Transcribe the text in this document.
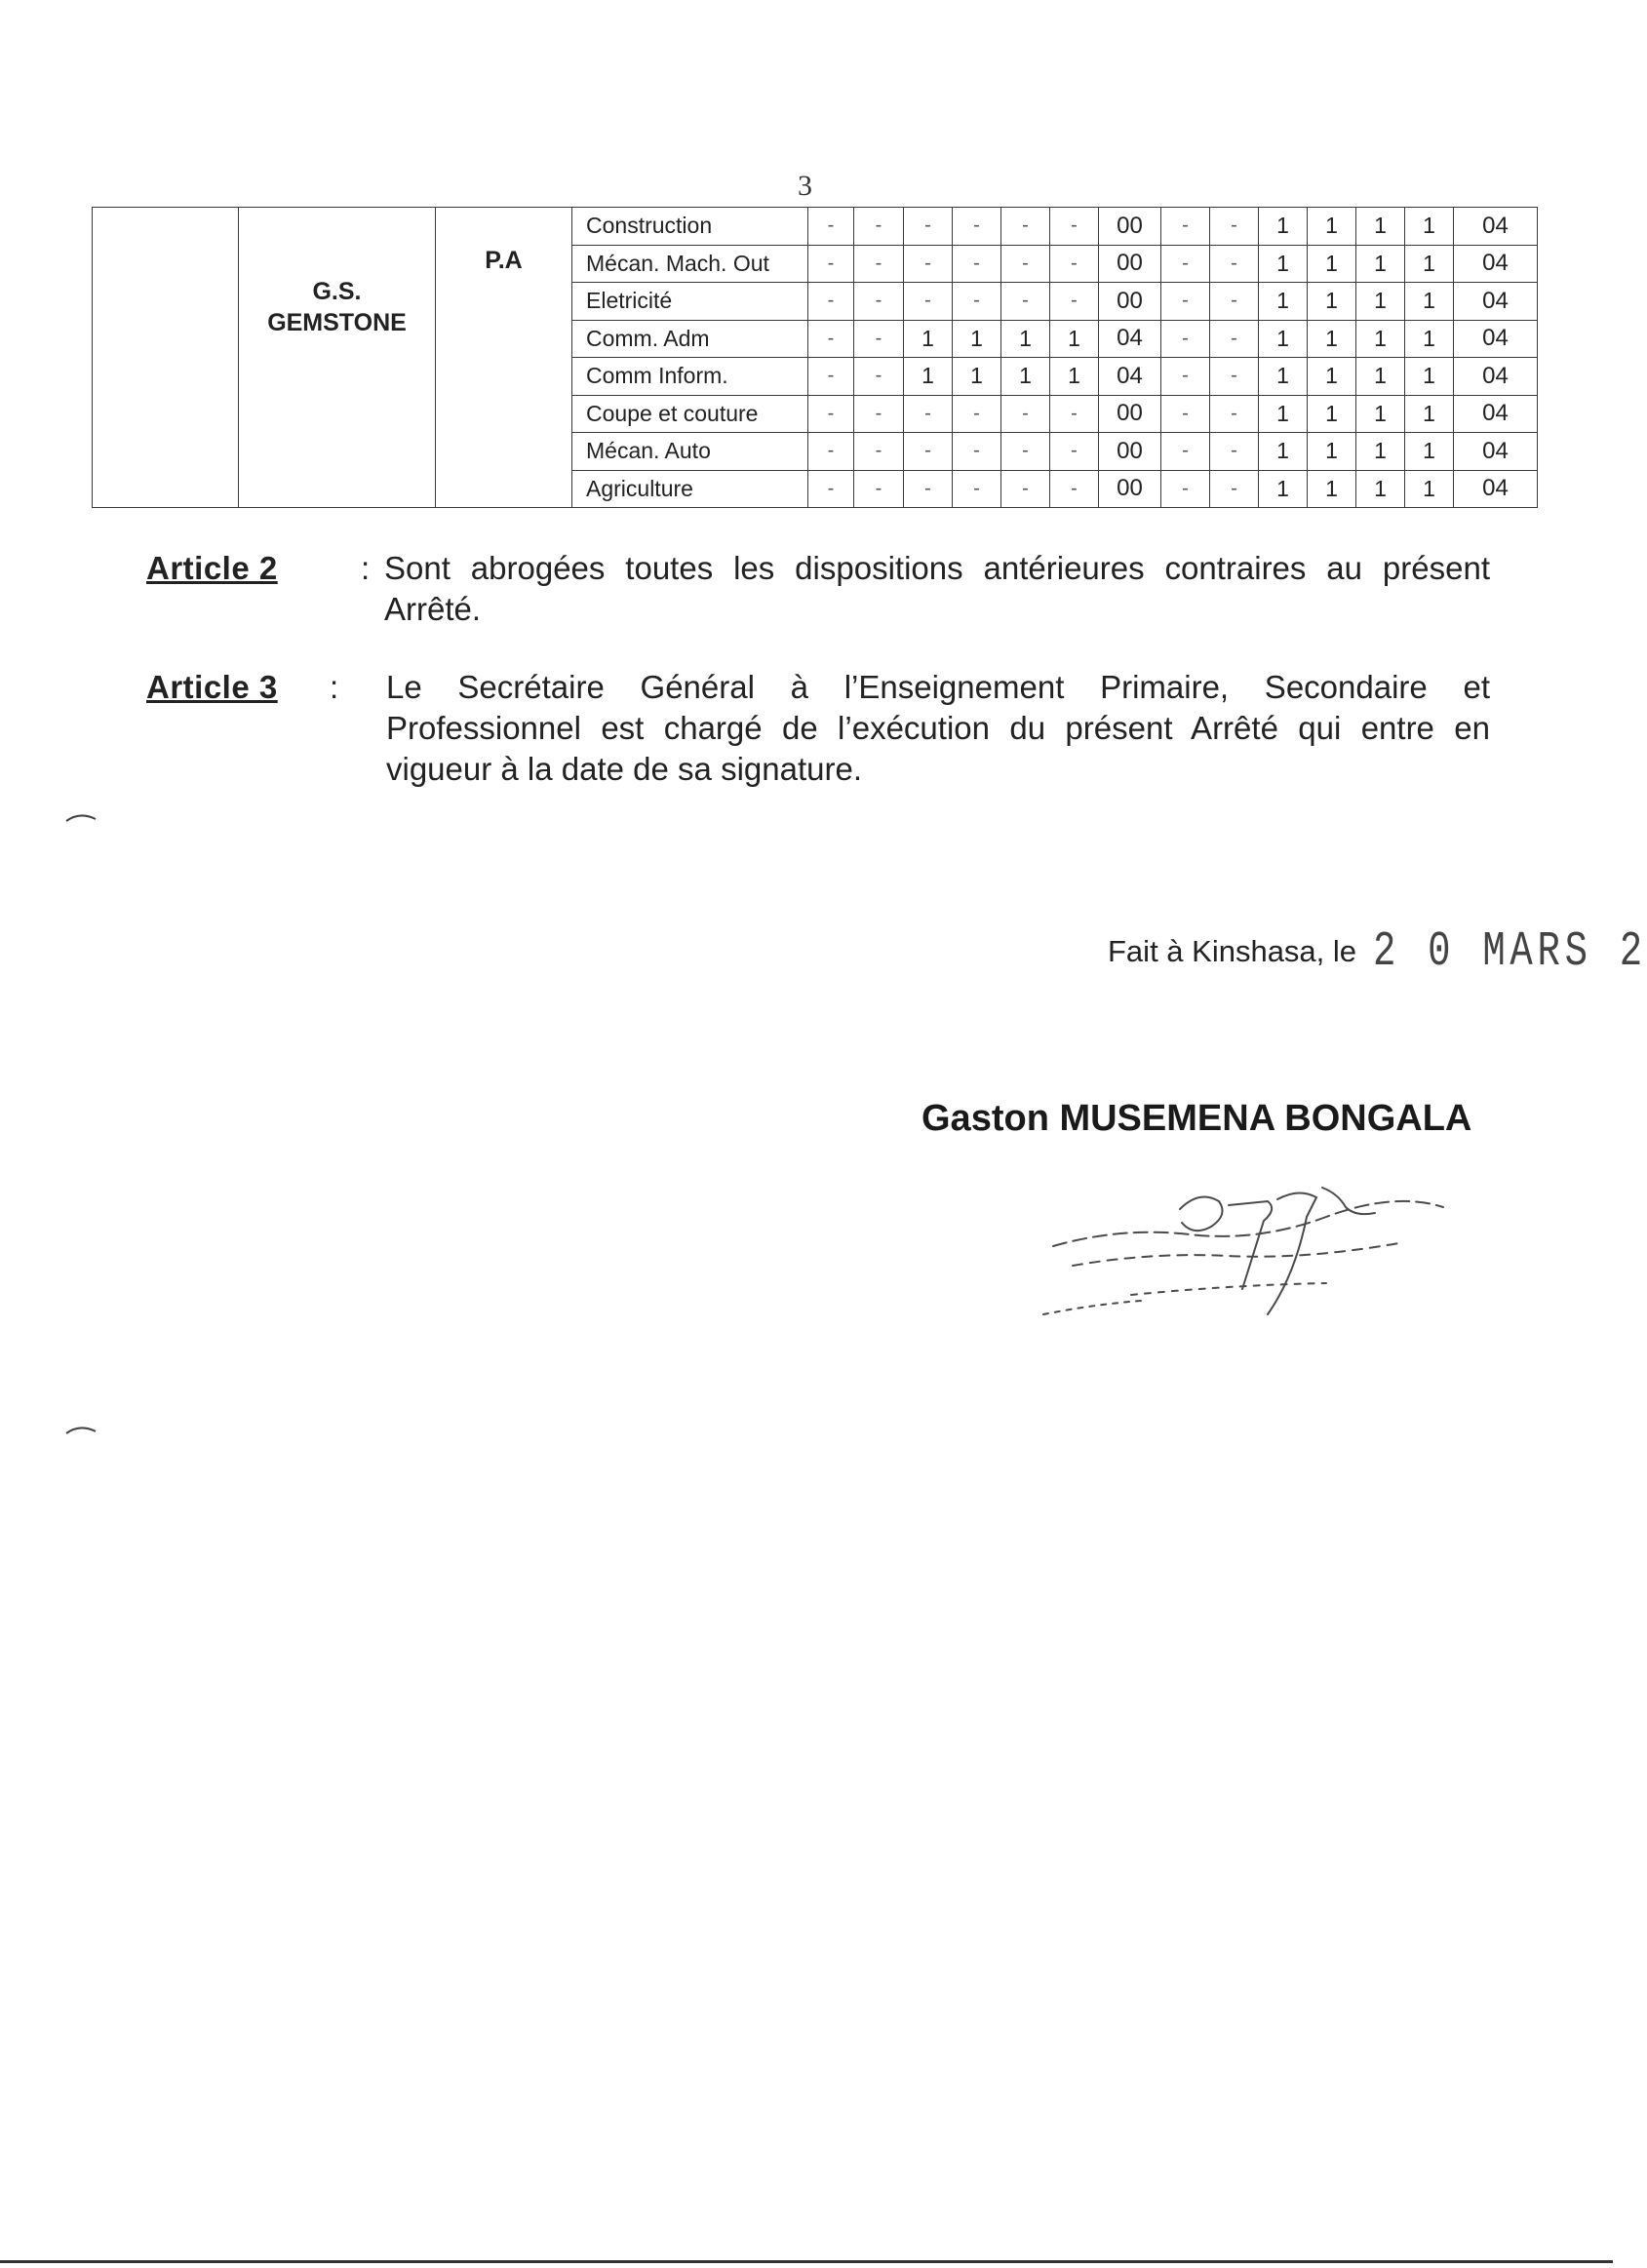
3
	G.S.
GEMSTONE	P.A	Construction	-	-	-	-	-	-	00	-	-	1	1	1	1	04
			Mécan. Mach. Out	-	-	-	-	-	-	00	-	-	1	1	1	1	04
			Eletricité	-	-	-	-	-	-	00	-	-	1	1	1	1	04
			Comm. Adm	-	-	1	1	1	1	04	-	-	1	1	1	1	04
			Comm Inform.	-	-	1	1	1	1	04	-	-	1	1	1	1	04
			Coupe et couture	-	-	-	-	-	-	00	-	-	1	1	1	1	04
			Mécan. Auto	-	-	-	-	-	-	00	-	-	1	1	1	1	04
			Agriculture	-	-	-	-	-	-	00	-	-	1	1	1	1	04
Article 2	: Sont abrogées toutes les dispositions antérieures contraires au présent Arrêté.
Article 3 : Le Secrétaire Général à l’Enseignement Primaire, Secondaire et Professionnel est chargé de l’exécution du présent Arrêté qui entre en vigueur à la date de sa signature.
Fait à Kinshasa, le 2 0 MARS 2
Gaston MUSEMENA BONGALA
